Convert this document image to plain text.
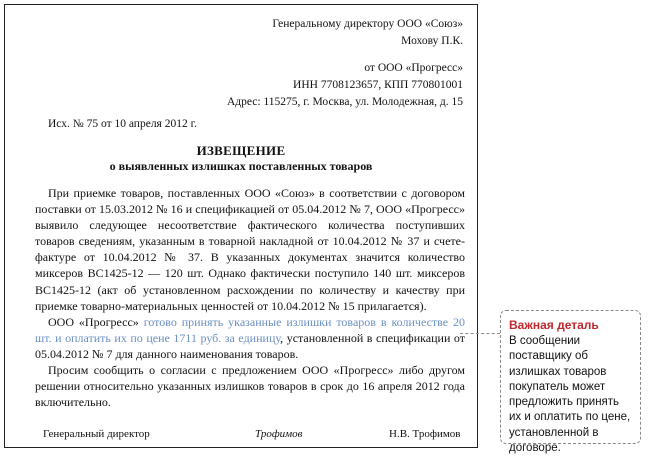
Генеральному директору ООО «Союз»
Мохову П.К.
от ООО «Прогресс»
ИНН 7708123657, КПП 770801001
Адрес: 115275, г. Москва, ул. Молодежная, д. 15
Исх. № 75 от 10 апреля 2012 г.
ИЗВЕЩЕНИЕ
о выявленных излишках поставленных товаров

При приемке товаров, поставленных ООО «Союз» в соответствии с договором поставки от 15.03.2012 № 16 и спецификацией от 05.04.2012 № 7, ООО «Прогресс» выявило следующее несоответствие фактического количества поступивших товаров сведениям, указанным в товарной накладной от 10.04.2012 № 37 и счете-фактуре от 10.04.2012 № 37. В указанных документах значится количество миксеров ВС1425-12 — 120 шт. Однако фактически поступило 140 шт. миксеров ВС1425-12 (акт об установленном расхождении по количеству и качеству при приемке товарно-материальных ценностей от 10.04.2012 № 15 прилагается).

ООО «Прогресс» готово принять указанные излишки товаров в количестве 20 шт. и оплатить их по цене 1711 руб. за единицу, установленной в спецификации от 05.04.2012 № 7 для данного наименования товаров.

Просим сообщить о согласии с предложением ООО «Прогресс» либо другом решении относительно указанных излишков товаров в срок до 16 апреля 2012 года включительно.

Генеральный директор	Трофимов	Н.В. Трофимов
Важная деталь
В сообщении поставщику об излишках товаров покупатель может предложить принять их и оплатить по цене, установленной в договоре.
